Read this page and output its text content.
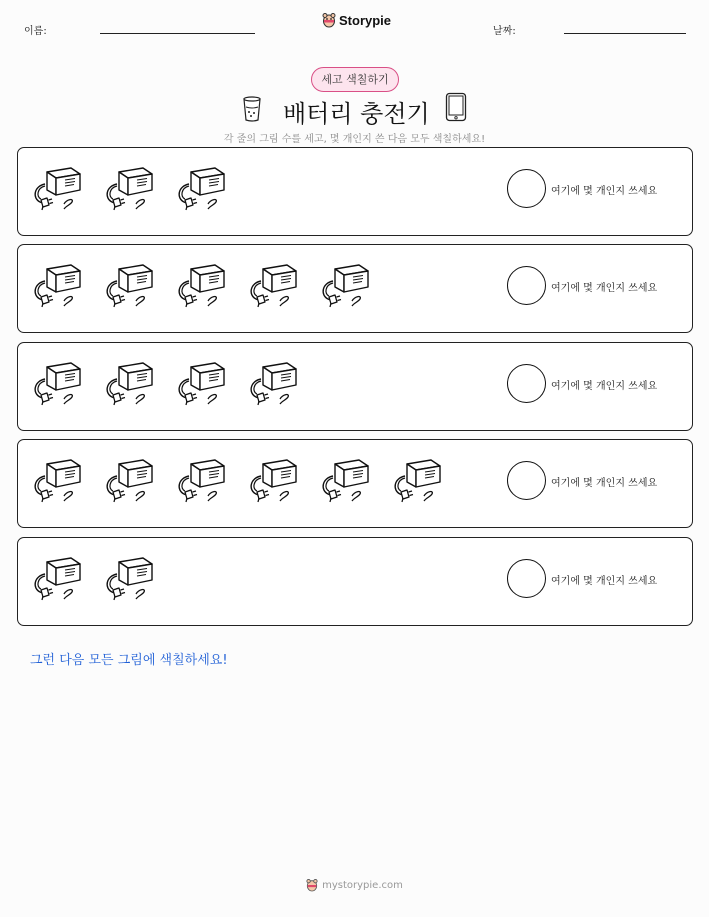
이름:
Storypie
날짜:
세고 색칠하기
배터리 충전기
각 줄의 그림 수를 세고, 몇 개인지 쓴 다음 모두 색칠하세요!
여기에 몇 개인지 쓰세요
여기에 몇 개인지 쓰세요
여기에 몇 개인지 쓰세요
여기에 몇 개인지 쓰세요
여기에 몇 개인지 쓰세요
그런 다음 모든 그림에 색칠하세요!
mystorypie.com
